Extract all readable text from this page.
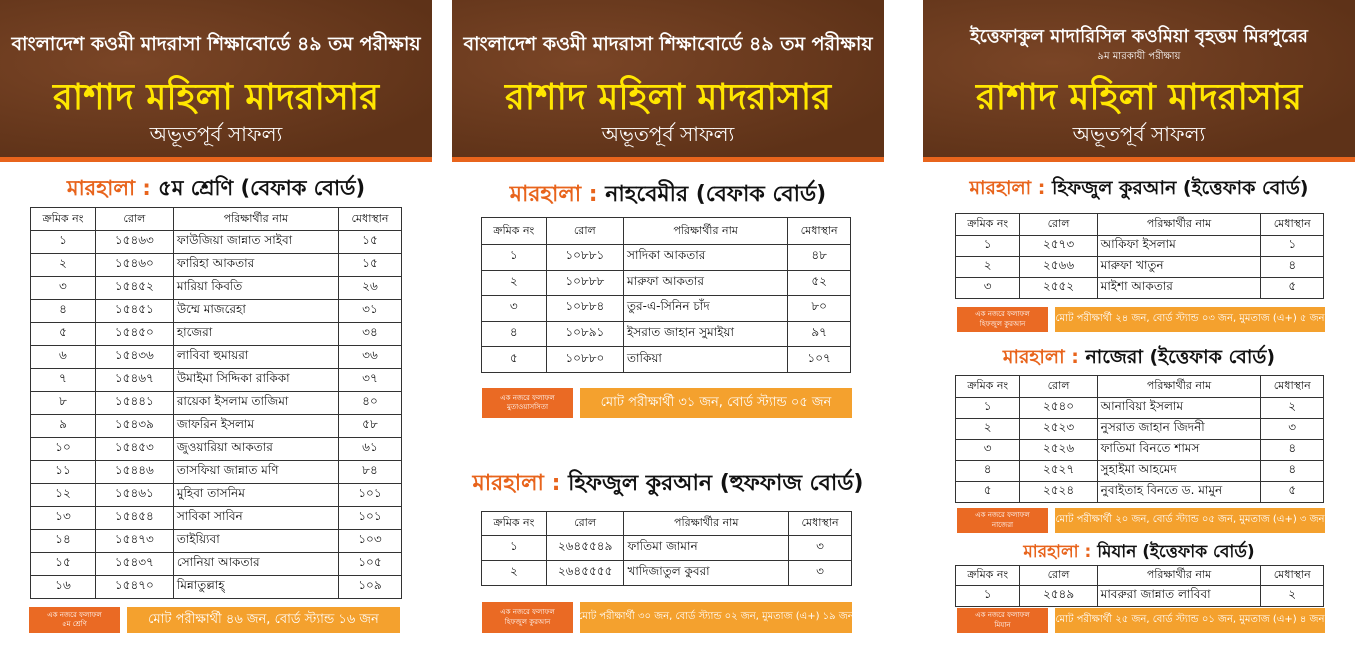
বাংলাদেশ কওমী মাদরাসা শিক্ষাবোর্ডে ৪৯ তম পরীক্ষায়
রাশাদ মহিলা মাদরাসার
অভূতপূর্ব সাফল্য
মারহালা : ৫ম শ্রেণি (বেফাক বোর্ড)
ক্রমিক নং	রোল	পরিক্ষার্থীর নাম	মেধাস্থান
১	১৫৪৬৩	ফাউজিয়া জান্নাত সাইবা	১৫
২	১৫৪৬০	ফারিহা আকতার	১৫
৩	১৫৪৫২	মারিয়া কিবতি	২৬
৪	১৫৪৫১	উম্মে মাজরেহা	৩১
৫	১৫৪৫০	হাজেরা	৩৪
৬	১৫৪৩৬	লাবিবা হুমায়রা	৩৬
৭	১৫৪৬৭	উমাইমা সিদ্দিকা রাকিকা	৩৭
৮	১৫৪৪১	রায়েকা ইসলাম তাজিমা	৪০
৯	১৫৪৩৯	জাফরিন ইসলাম	৫৮
১০	১৫৪৫৩	জুওয়ারিয়া আকতার	৬১
১১	১৫৪৪৬	তাসফিয়া জান্নাত মণি	৮৪
১২	১৫৪৬১	মুহিবা তাসনিম	১০১
১৩	১৫৪৫৪	সাবিকা সাবিন	১০১
১৪	১৫৪৭৩	তাইয়্যিবা	১০৩
১৫	১৫৪৩৭	সোনিয়া আকতার	১০৫
১৬	১৫৪৭০	মিন্নাতুল্লাহ্	১০৯
এক নজরে ফলাফল
৫ম শ্রেণি	মোট পরীক্ষার্থী ৪৬ জন, বোর্ড স্ট্যান্ড ১৬ জন
বাংলাদেশ কওমী মাদরাসা শিক্ষাবোর্ডে ৪৯ তম পরীক্ষায়
রাশাদ মহিলা মাদরাসার
অভূতপূর্ব সাফল্য
মারহালা : নাহবেমীর (বেফাক বোর্ড)
ক্রমিক নং	রোল	পরিক্ষার্থীর নাম	মেধাস্থান
১	১০৮৮১	সাদিকা আকতার	৪৮
২	১০৮৮৮	মারুফা আকতার	৫২
৩	১০৮৮৪	তুর-এ-সিনিন চাঁদ	৮০
৪	১০৮৯১	ইসরাত জাহান সুমাইয়া	৯৭
৫	১০৮৮০	তাকিয়া	১০৭
এক নজরে ফলাফল
মুতাওয়াসসিতা	মোট পরীক্ষার্থী ৩১ জন, বোর্ড স্ট্যান্ড ০৫ জন
মারহালা : হিফজুল কুরআন (হুফফাজ বোর্ড)
ক্রমিক নং	রোল	পরিক্ষার্থীর নাম	মেধাস্থান
১	২৬৪৫৫৪৯	ফাতিমা জামান	৩
২	২৬৪৫৫৫৫	খাদিজাতুল কুবরা	৩
এক নজরে ফলাফল
হিফজুল কুরআন	মোট পরীক্ষার্থী ৩০ জন, বোর্ড স্ট্যান্ড ০২ জন, মুমতাজ (এ+) ১৯ জন
ইত্তেফাকুল মাদারিসিল কওমিয়া বৃহত্তম মিরপুরের
৯ম মারকাযী পরীক্ষায়
রাশাদ মহিলা মাদরাসার
অভূতপূর্ব সাফল্য
মারহালা : হিফজুল কুরআন (ইত্তেফাক বোর্ড)
ক্রমিক নং	রোল	পরিক্ষার্থীর নাম	মেধাস্থান
১	২৫৭৩	আকিফা ইসলাম	১
২	২৫৬৬	মারুফা খাতুন	৪
৩	২৫৫২	মাইশা আকতার	৫
এক নজরে ফলাফল
হিফজুল কুরআন	মোট পরীক্ষার্থী ২৪ জন, বোর্ড স্ট্যান্ড ০৩ জন, মুমতাজ (এ+) ৫ জন
মারহালা : নাজেরা (ইত্তেফাক বোর্ড)
ক্রমিক নং	রোল	পরিক্ষার্থীর নাম	মেধাস্থান
১	২৫৪০	আনাবিয়া ইসলাম	২
২	২৫২৩	নুসরাত জাহান জিদনী	৩
৩	২৫২৬	ফাতিমা বিনতে শামস	৪
৪	২৫২৭	সুহাইমা আহমেদ	৪
৫	২৫২৪	নুবাইতাহ বিনতে ড. মামুন	৫
এক নজরে ফলাফল
নাজেরা	মোট পরীক্ষার্থী ২০ জন, বোর্ড স্ট্যান্ড ০৫ জন, মুমতাজ (এ+) ৩ জন
মারহালা : মিযান (ইত্তেফাক বোর্ড)
ক্রমিক নং	রোল	পরিক্ষার্থীর নাম	মেধাস্থান
১	২৫৪৯	মাবরুরা জান্নাত লাবিবা	২
এক নজরে ফলাফল
মিযান	মোট পরীক্ষার্থী ২৫ জন, বোর্ড স্ট্যান্ড ০১ জন, মুমতাজ (এ+) ৪ জন
